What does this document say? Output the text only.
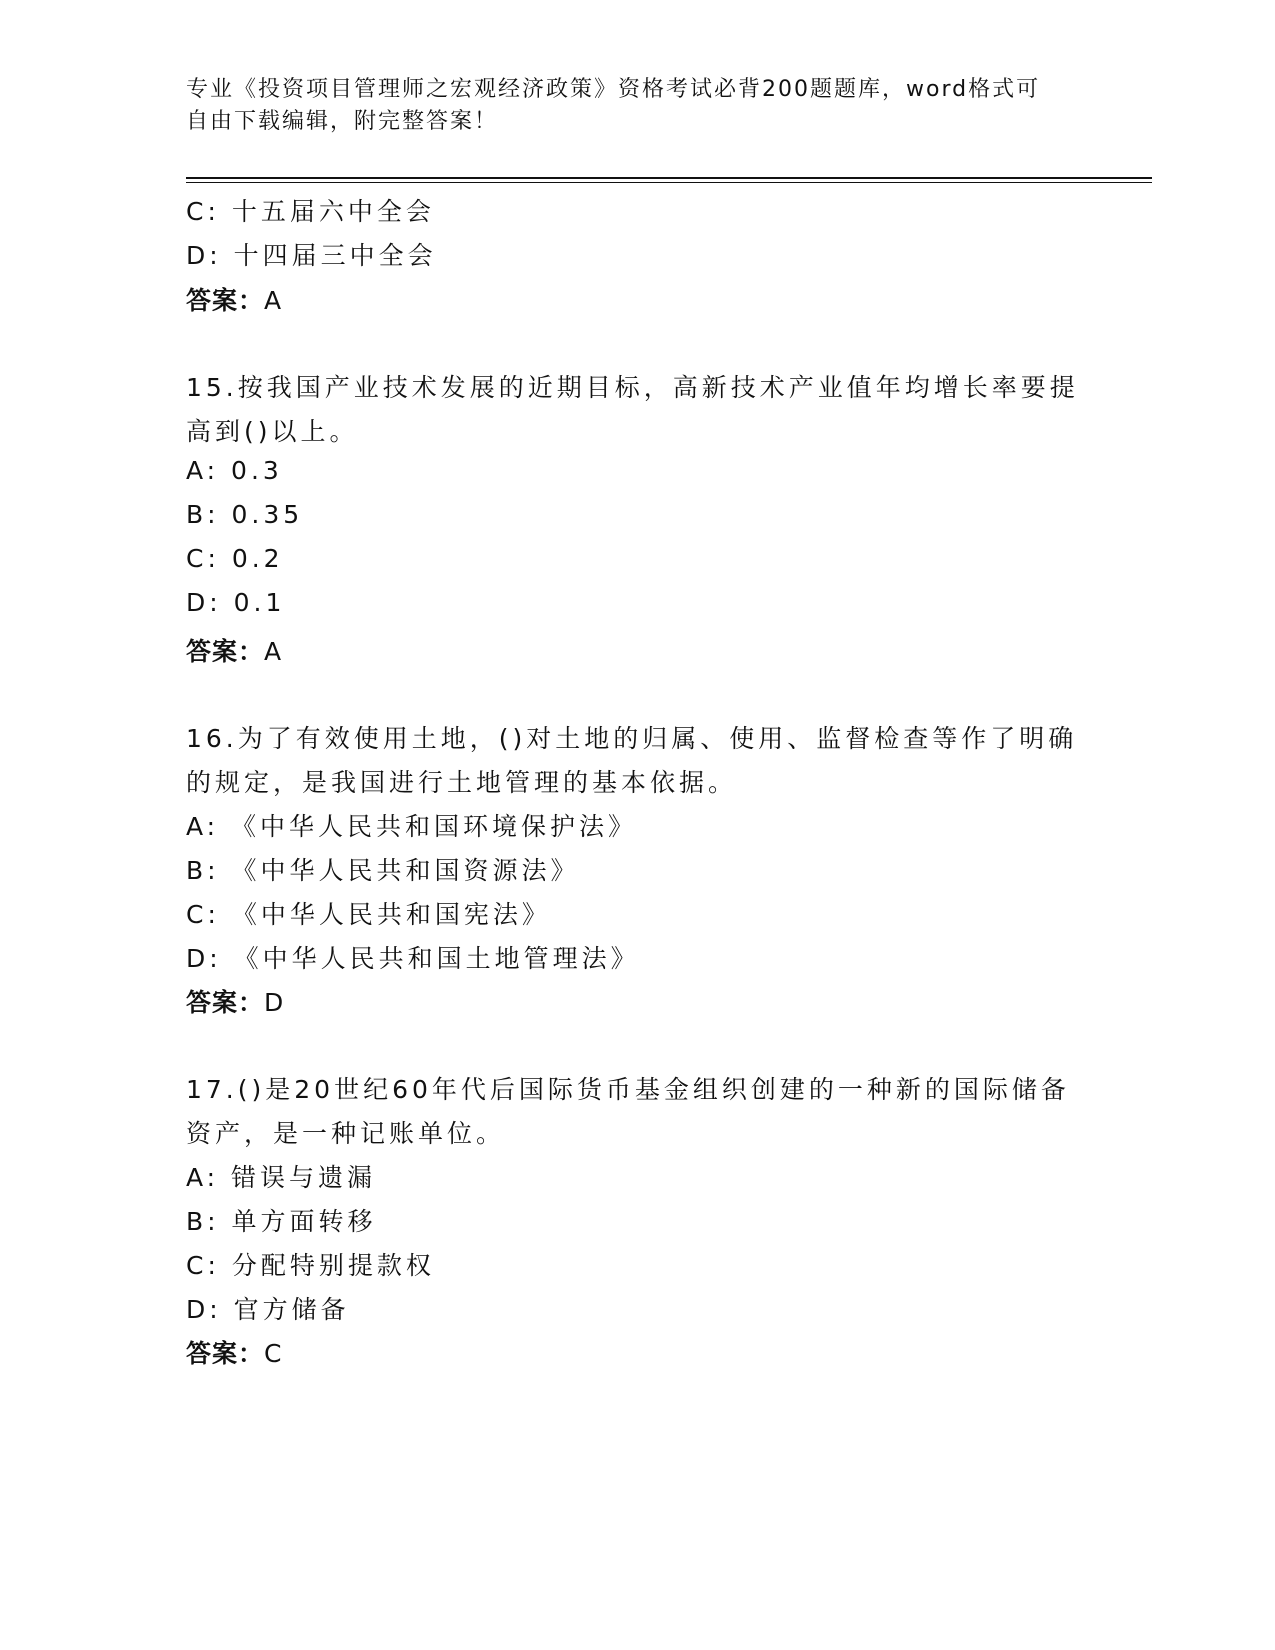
专业《投资项目管理师之宏观经济政策》资格考试必背200题题库，word格式可
自由下载编辑，附完整答案！
C: 十五届六中全会
D: 十四届三中全会
答案：A
15.按我国产业技术发展的近期目标，高新技术产业值年均增长率要提
高到()以上。
A: 0.3
B: 0.35
C: 0.2
D: 0.1
答案：A
16.为了有效使用土地，()对土地的归属、使用、监督检查等作了明确
的规定，是我国进行土地管理的基本依据。
A: 《中华人民共和国环境保护法》
B: 《中华人民共和国资源法》
C: 《中华人民共和国宪法》
D: 《中华人民共和国土地管理法》
答案：D
17.()是20世纪60年代后国际货币基金组织创建的一种新的国际储备
资产，是一种记账单位。
A: 错误与遗漏
B: 单方面转移
C: 分配特别提款权
D: 官方储备
答案：C
